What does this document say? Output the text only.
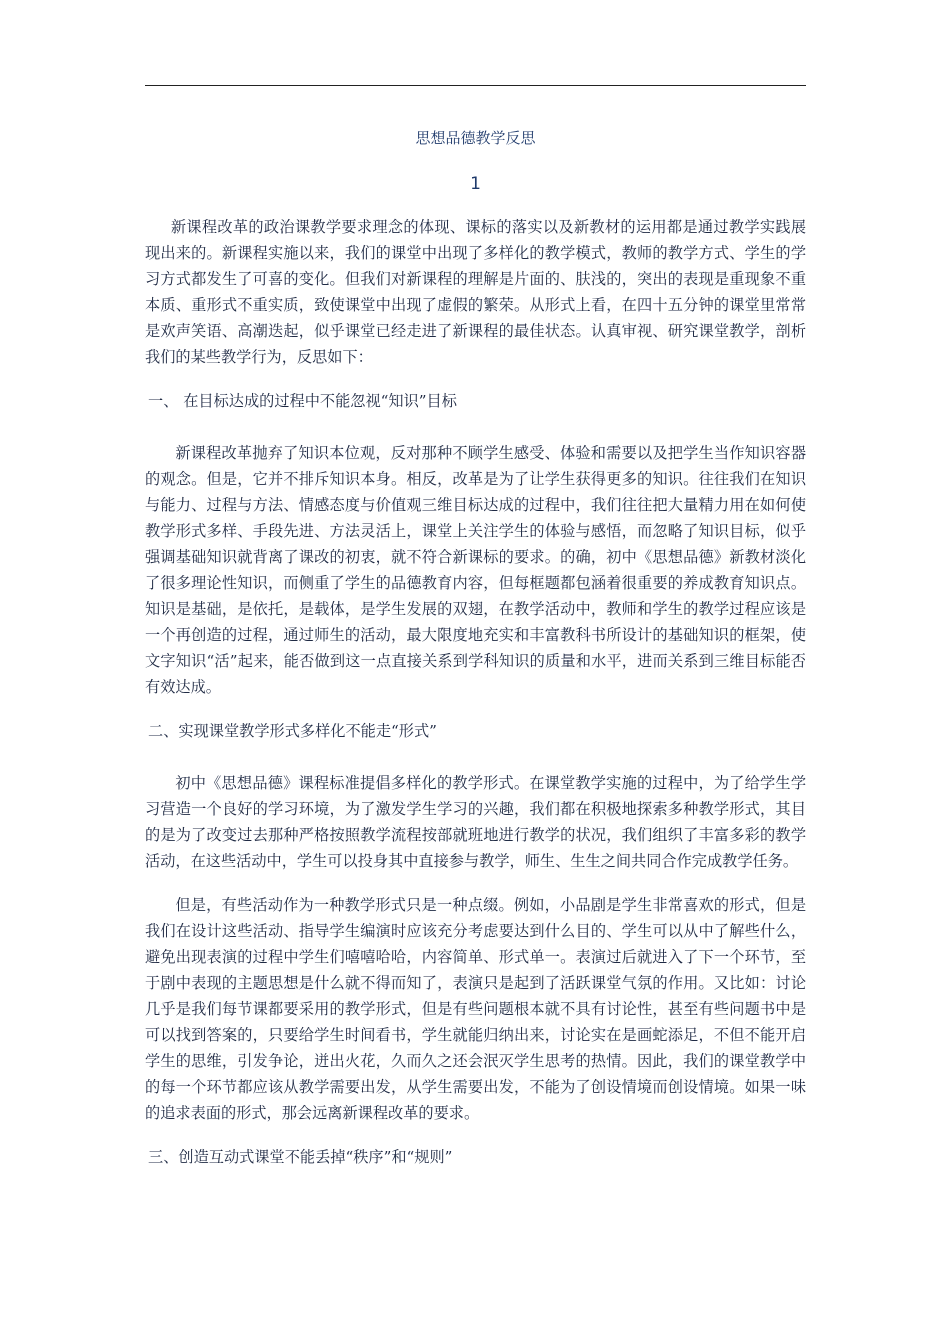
思想品德教学反思
1

新课程改革的政治课教学要求理念的体现、课标的落实以及新教材的运用都是通过教学实践展现出来的。新课程实施以来，我们的课堂中出现了多样化的教学模式，教师的教学方式、学生的学习方式都发生了可喜的变化。但我们对新课程的理解是片面的、肤浅的，突出的表现是重现象不重本质、重形式不重实质，致使课堂中出现了虚假的繁荣。从形式上看，在四十五分钟的课堂里常常是欢声笑语、高潮迭起，似乎课堂已经走进了新课程的最佳状态。认真审视、研究课堂教学，剖析我们的某些教学行为，反思如下：

一、 在目标达成的过程中不能忽视“知识”目标

新课程改革抛弃了知识本位观，反对那种不顾学生感受、体验和需要以及把学生当作知识容器的观念。但是，它并不排斥知识本身。相反，改革是为了让学生获得更多的知识。往往我们在知识与能力、过程与方法、情感态度与价值观三维目标达成的过程中，我们往往把大量精力用在如何使教学形式多样、手段先进、方法灵活上，课堂上关注学生的体验与感悟，而忽略了知识目标，似乎强调基础知识就背离了课改的初衷，就不符合新课标的要求。的确，初中《思想品德》新教材淡化了很多理论性知识，而侧重了学生的品德教育内容，但每框题都包涵着很重要的养成教育知识点。知识是基础，是依托，是载体，是学生发展的双翅，在教学活动中，教师和学生的教学过程应该是一个再创造的过程，通过师生的活动，最大限度地充实和丰富教科书所设计的基础知识的框架，使文字知识“活”起来，能否做到这一点直接关系到学科知识的质量和水平，进而关系到三维目标能否有效达成。

二、实现课堂教学形式多样化不能走“形式”

初中《思想品德》课程标准提倡多样化的教学形式。在课堂教学实施的过程中，为了给学生学习营造一个良好的学习环境，为了激发学生学习的兴趣，我们都在积极地探索多种教学形式，其目的是为了改变过去那种严格按照教学流程按部就班地进行教学的状况，我们组织了丰富多彩的教学活动，在这些活动中，学生可以投身其中直接参与教学，师生、生生之间共同合作完成教学任务。

但是，有些活动作为一种教学形式只是一种点缀。例如，小品剧是学生非常喜欢的形式，但是我们在设计这些活动、指导学生编演时应该充分考虑要达到什么目的、学生可以从中了解些什么，避免出现表演的过程中学生们嘻嘻哈哈，内容简单、形式单一。表演过后就进入了下一个环节，至于剧中表现的主题思想是什么就不得而知了，表演只是起到了活跃课堂气氛的作用。又比如：讨论几乎是我们每节课都要采用的教学形式，但是有些问题根本就不具有讨论性，甚至有些问题书中是可以找到答案的，只要给学生时间看书，学生就能归纳出来，讨论实在是画蛇添足，不但不能开启学生的思维，引发争论，迸出火花，久而久之还会泯灭学生思考的热情。因此，我们的课堂教学中的每一个环节都应该从教学需要出发，从学生需要出发，不能为了创设情境而创设情境。如果一味的追求表面的形式，那会远离新课程改革的要求。

三、创造互动式课堂不能丢掉“秩序”和“规则”
